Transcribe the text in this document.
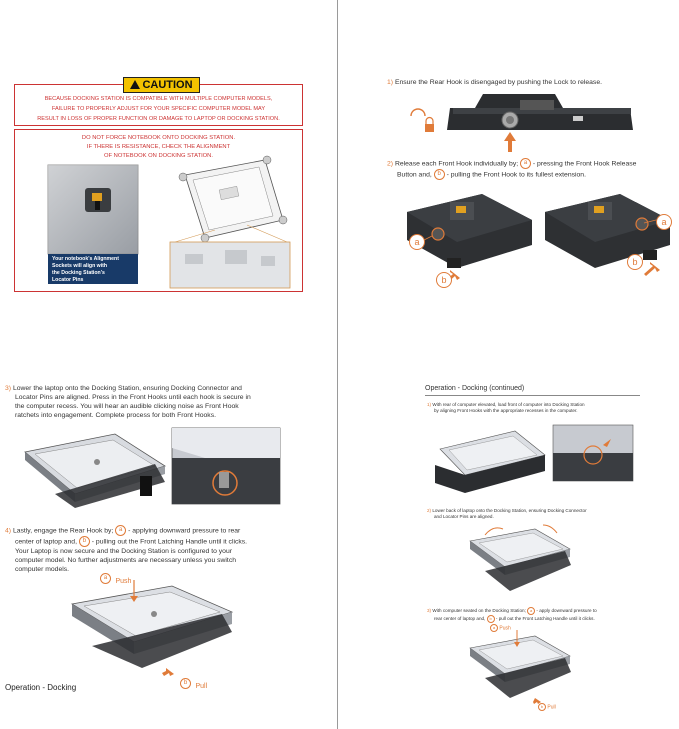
CAUTION
BECAUSE DOCKING STATION IS COMPATIBLE WITH MULTIPLE COMPUTER MODELS,
FAILURE TO PROPERLY ADJUST FOR YOUR SPECIFIC COMPUTER MODEL MAY
RESULT IN LOSS OF PROPER FUNCTION OR DAMAGE TO LAPTOP OR DOCKING STATION.
DO NOT FORCE NOTEBOOK ONTO DOCKING STATION.
IF THERE IS RESISTANCE, CHECK THE ALIGNMENT
OF NOTEBOOK ON DOCKING STATION.
Your notebook's Alignment
Sockets will align with
the Docking Station's
Locator Pins
1) Ensure the Rear Hook is disengaged by pushing the Lock to release.
2) Release each Front Hook individually by; a - pressing the Front Hook Release
Button and, b - pulling the Front Hook to its fullest extension.
a
a
b
b
3) Lower the laptop onto the Docking Station, ensuring Docking Connector and
Locator Pins are aligned. Press in the Front Hooks until each hook is secure in
the computer recess. You will hear an audible clicking noise as Front Hook
ratchets into engagement. Complete process for both Front Hooks.
4) Lastly, engage the Rear Hook by; a - applying downward pressure to rear
center of laptop and, b - pulling out the Front Latching Handle until it clicks.
Your Laptop is now secure and the Docking Station is configured to your
computer model. No further adjustments are necessary unless you switch
computer models.
a Push
b Pull
Operation - Docking
Operation - Docking (continued)
1) With rear of computer elevated, load front of computer into Docking Station
by aligning Front Hooks with the appropriate recesses in the computer.
2) Lower back of laptop onto the Docking Station, ensuring Docking Connector
and Locator Pins are aligned.
3) With computer seated on the Docking Station; a - apply downward pressure to
rear center of laptop and, b - pull out the Front Latching Handle until it clicks.
a Push
b Pull
